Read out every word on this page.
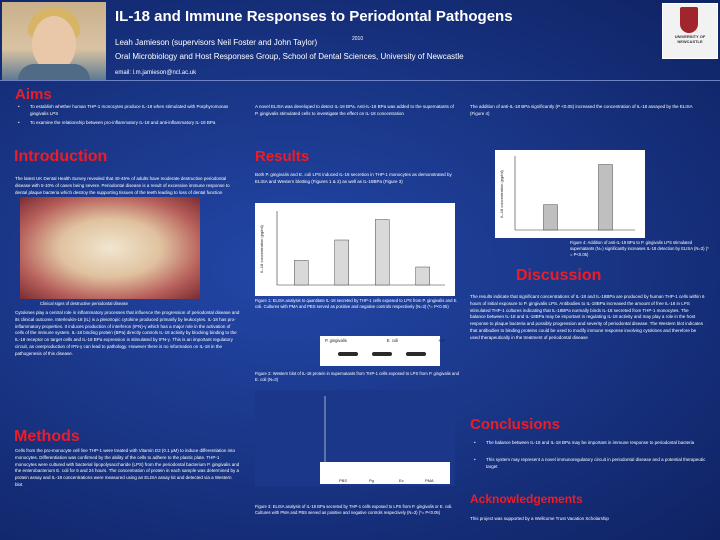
IL-18 and Immune Responses to Periodontal Pathogens
Leah Jamieson (supervisors Neil Foster and John Taylor)	2010
Oral Microbiology and Host Responses Group, School of Dental Sciences, University of Newcastle
email: l.m.jamieson@ncl.ac.uk
UNIVERSITY OF NEWCASTLE
Aims
• To establish whether human THP-1 monocytes produce IL-18 when stimulated with Porphyromonas gingivalis LPS
• To examine the relationship between pro-inflammatory IL-18 and anti-inflammatory IL-18 BPa
A novel ELISA was developed to detect IL-18 BPa. Anti-IL-18 BPa was added to the supernatants of P. gingivalis stimulated cells to investigate the effect on IL-18 concentration
The addition of anti-IL-18 BPa significantly (P <0.05) increased the concentration of IL-18 assayed by the ELISA (Figure 4)
Introduction
The latest UK Dental Health Survey revealed that 40-45% of adults have moderate destructive periodontal disease with 5-10% of cases being severe. Periodontal disease is a result of excessive immune response to dental plaque bacteria which destroy the supporting tissues of the teeth leading to loss of dental function
Clinical signs of destructive periodontal disease
Cytokines play a central role in inflammatory processes that influence the progression of periodontal disease and its clinical outcome. Interleukin-18 (IL) is a pleiotropic cytokine produced primarily by leukocytes. IL-18 has pro-inflammatory properties. It induces production of interferon (IFN)-γ which has a major role in the activation of cells of the immune system. IL-18 binding protein (BPa) directly controls IL-18 activity by blocking binding to the IL-18 receptor on target cells and IL-18 BPa expression is stimulated by IFN-γ. This is an important regulatory circuit, as overproduction of IFN-γ can lead to pathology. However there is no information on IL-18 in the pathogenesis of this disease.
Methods
Cells from the pro-monocyte cell line THP-1 were treated with Vitamin D3 (0.1 μM) to induce differentiation into monocytes. Differentiation was confirmed by the ability of the cells to adhere to the plastic plate. THP-1 monocytes were cultured with bacterial lipopolysaccharide (LPS) from the periodontal bacterium P. gingivalis and the enterobacterium E. coli for 6 and 24 hours. The concentration of protein in each sample was determined by a protein assay and IL-18 concentrations were measured using an ELISA assay kit and detected via a Western blot
Results
Both P. gingivalis and E. coli LPS induced IL-18 secretion in THP-1 monocytes as demonstrated by ELISA and Western blotting (Figures 1 & 2) as well as IL-18BPa (Figure 3)
IL-18 concentration (pg/ml)
Figure 1: ELISA analysis to quantitate IL-18 secreted by THP-1 cells exposed to LPS from P. gingivalis and E. coli. Cultures with PMA and PBS served as positive and negative controls respectively (N=3) (*= P<0.05)
P. gingivalis	E. coli	+ve
Figure 2: Western blot of IL-18 protein in supernatants from THP-1 cells exposed to LPS from P. gingivalis and E. coli (N=3)
PBS	Pg	Ec	PMA
Figure 3: ELISA analysis of IL-18 BPa secreted by THP-1 cells exposed to LPS from P. gingivalis or E. coli. Cultures with PMA and PBS served as positive and negative controls respectively (N=3) (*= P<0.05)
IL-18 concentration (pg/ml)
Figure 4: Addition of anti-IL-18 BPa to P. gingivalis LPS stimulated supernatants (N=) significantly increases IL-18 detection by ELISA (N=3) (* = P<0.05)
Discussion
The results indicate that significant concentrations of IL-18 and IL-18BPa are produced by human THP-1 cells within 6 hours of initial exposure to P. gingivalis LPS. Antibodies to IL-18BPa increased the amount of free IL-18 in LPS stimulated THP-1 cultures indicating that IL-18BPa normally binds IL-18 secreted from THP-1 monocytes. The balance between IL-18 and IL-18BPa may be important in regulating IL-18 activity and may play a role in the host response to plaque bacteria and possibly progression and severity of periodontal disease. The Western blot indicates that antibodies to binding proteins could be used to modify immune response involving cytokines and therefore be used therapeutically in the treatment of periodontal disease
Conclusions
• The balance between IL-18 and IL-18 BPa may be important in immune response to periodontal bacteria
• This system may represent a novel immunoregulatory circuit in periodontal disease and a potential therapeutic target
Acknowledgements
This project was supported by a Wellcome Trust Vacation Scholarship
